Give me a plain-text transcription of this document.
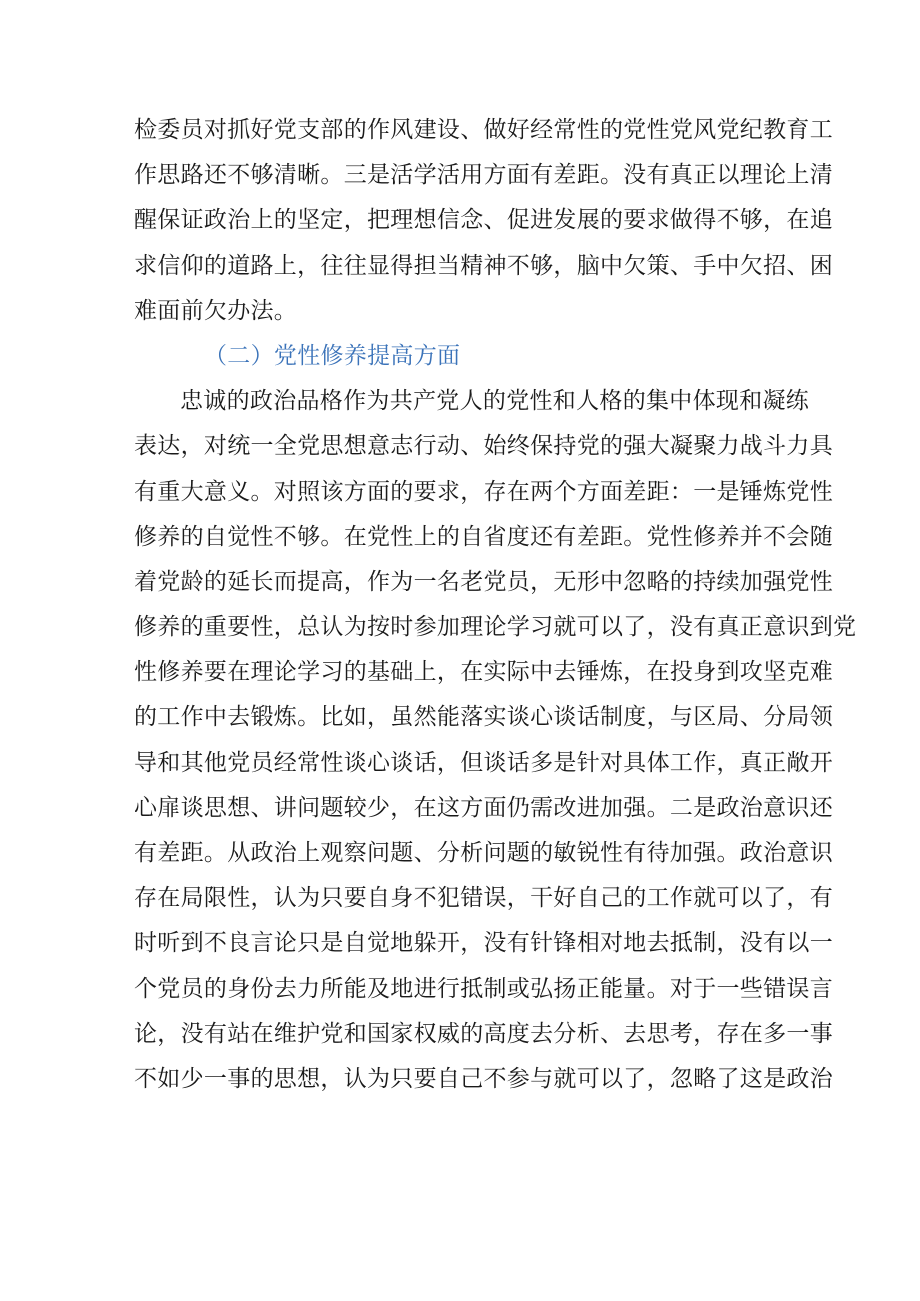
检委员对抓好党支部的作风建设、做好经常性的党性党风党纪教育工
作思路还不够清晰。三是活学活用方面有差距。没有真正以理论上清
醒保证政治上的坚定，把理想信念、促进发展的要求做得不够，在追
求信仰的道路上，往往显得担当精神不够，脑中欠策、手中欠招、困
难面前欠办法。
（二）党性修养提高方面
忠诚的政治品格作为共产党人的党性和人格的集中体现和凝练
表达，对统一全党思想意志行动、始终保持党的强大凝聚力战斗力具
有重大意义。对照该方面的要求，存在两个方面差距：一是锤炼党性
修养的自觉性不够。在党性上的自省度还有差距。党性修养并不会随
着党龄的延长而提高，作为一名老党员，无形中忽略的持续加强党性
修养的重要性，总认为按时参加理论学习就可以了，没有真正意识到党
性修养要在理论学习的基础上，在实际中去锤炼，在投身到攻坚克难
的工作中去锻炼。比如，虽然能落实谈心谈话制度，与区局、分局领
导和其他党员经常性谈心谈话，但谈话多是针对具体工作，真正敞开
心扉谈思想、讲问题较少，在这方面仍需改进加强。二是政治意识还
有差距。从政治上观察问题、分析问题的敏锐性有待加强。政治意识
存在局限性，认为只要自身不犯错误，干好自己的工作就可以了，有
时听到不良言论只是自觉地躲开，没有针锋相对地去抵制，没有以一
个党员的身份去力所能及地进行抵制或弘扬正能量。对于一些错误言
论，没有站在维护党和国家权威的高度去分析、去思考，存在多一事
不如少一事的思想，认为只要自己不参与就可以了，忽略了这是政治
